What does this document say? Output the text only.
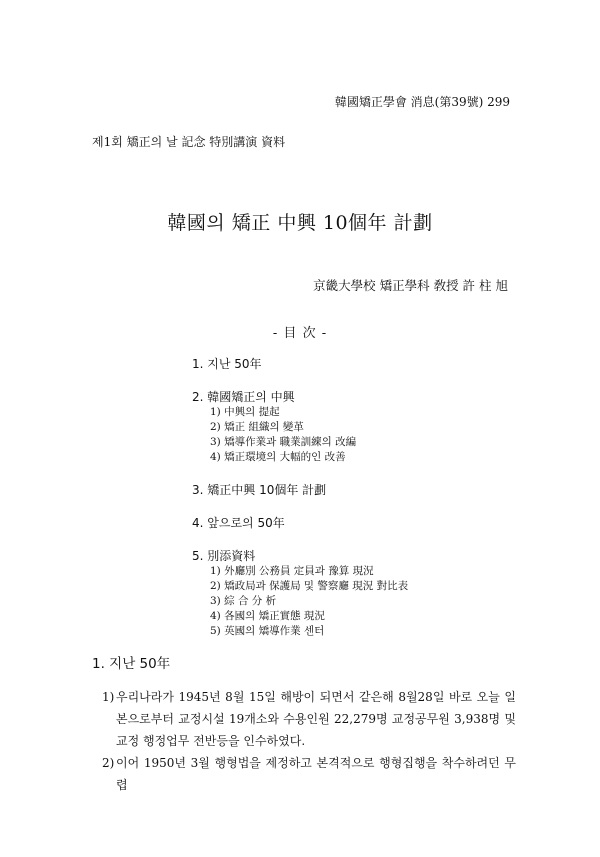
韓國矯正學會 消息(第39號) 299
제1회 矯正의 날 記念 特別講演 資料
韓國의 矯正 中興 10個年 計劃
京畿大學校 矯正學科 敎授 許 柱 旭
- 目 次 -
1. 지난 50年
2. 韓國矯正의 中興
1) 中興의 提起
2) 矯正 組織의 變革
3) 矯導作業과 職業訓練의 改編
4) 矯正環境의 大幅的인 改善
3. 矯正中興 10個年 計劃
4. 앞으로의 50年
5. 別添資料
1) 外廳別 公務員 定員과 豫算 現況
2) 矯政局과 保護局 및 警察廳 現況 對比表
3) 綜 合 分 析
4) 各國의 矯正實態 現況
5) 英國의 矯導作業 센터
1. 지난 50年
1) 우리나라가 1945년 8월 15일 해방이 되면서 같은해 8월28일 바로 오늘 일본으로부터 교정시설 19개소와 수용인원 22,279명 교정공무원 3,938명 및 교정 행정업무 전반등을 인수하였다.
2) 이어 1950년 3월 행형법을 제정하고 본격적으로 행형집행을 착수하려던 무렵
